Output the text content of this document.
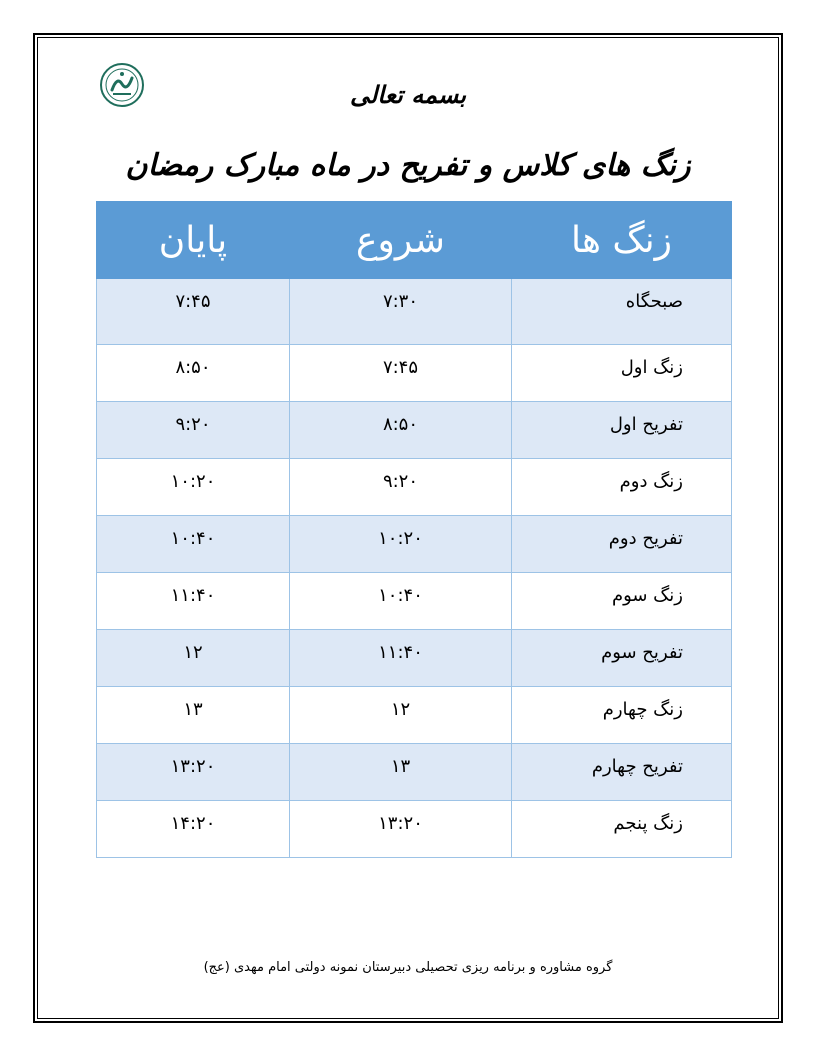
بسمه تعالی
زنگ های کلاس و تفریح در ماه مبارک رمضان
زنگ ها	شروع	پایان
صبحگاه	۷:۳۰	۷:۴۵
زنگ اول	۷:۴۵	۸:۵۰
تفریح اول	۸:۵۰	۹:۲۰
زنگ دوم	۹:۲۰	۱۰:۲۰
تفریح دوم	۱۰:۲۰	۱۰:۴۰
زنگ سوم	۱۰:۴۰	۱۱:۴۰
تفریح سوم	۱۱:۴۰	۱۲
زنگ چهارم	۱۲	۱۳
تفریح چهارم	۱۳	۱۳:۲۰
زنگ پنجم	۱۳:۲۰	۱۴:۲۰
گروه مشاوره و برنامه ریزی تحصیلی دبیرستان نمونه دولتی امام مهدی (عج)
